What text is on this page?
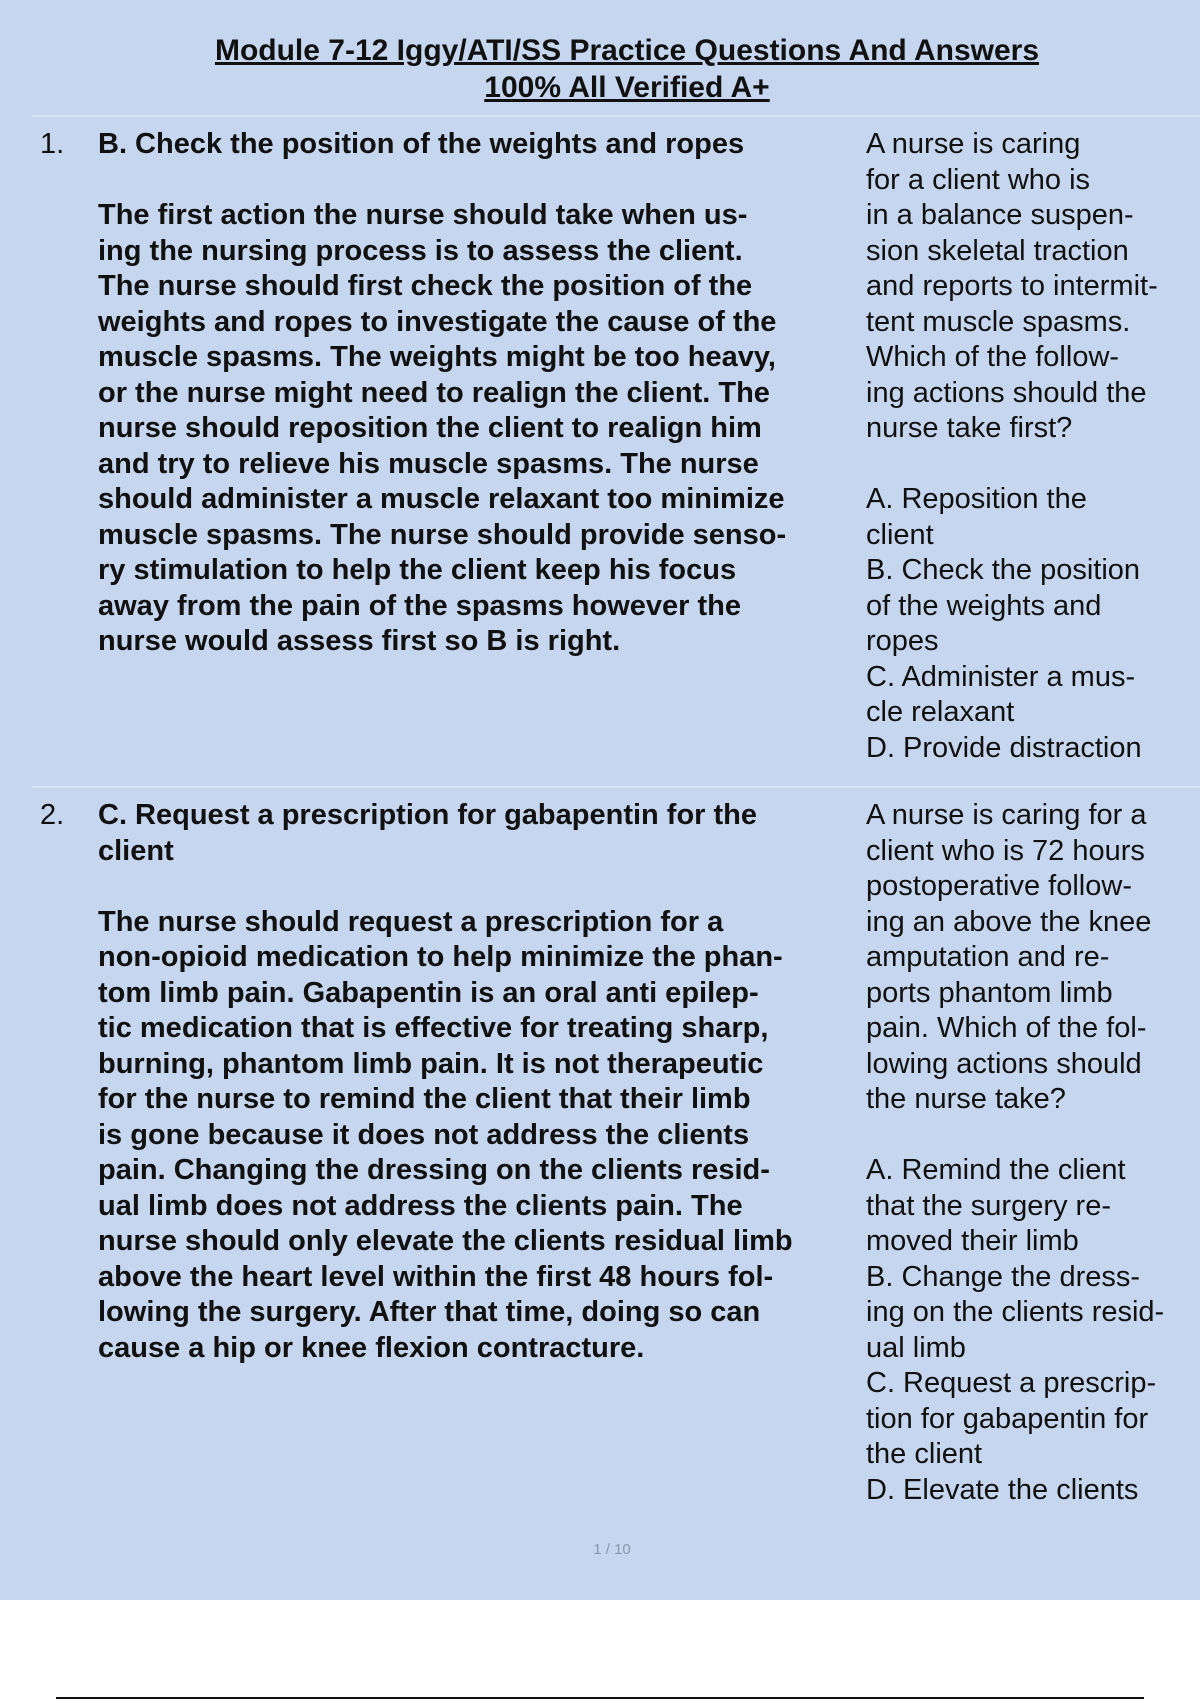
Module 7-12 Iggy/ATI/SS Practice Questions And Answers
100% All Verified A+
1. B. Check the position of the weights and ropes
The first action the nurse should take when us-
ing the nursing process is to assess the client.
The nurse should first check the position of the
weights and ropes to investigate the cause of the
muscle spasms. The weights might be too heavy,
or the nurse might need to realign the client. The
nurse should reposition the client to realign him
and try to relieve his muscle spasms. The nurse
should administer a muscle relaxant too minimize
muscle spasms. The nurse should provide senso-
ry stimulation to help the client keep his focus
away from the pain of the spasms however the
nurse would assess first so B is right.
A nurse is caring
for a client who is
in a balance suspen-
sion skeletal traction
and reports to intermit-
tent muscle spasms.
Which of the follow-
ing actions should the
nurse take first?
A. Reposition the
client
B. Check the position
of the weights and
ropes
C. Administer a mus-
cle relaxant
D. Provide distraction
2. C. Request a prescription for gabapentin for the
client
The nurse should request a prescription for a
non-opioid medication to help minimize the phan-
tom limb pain. Gabapentin is an oral anti epilep-
tic medication that is effective for treating sharp,
burning, phantom limb pain. It is not therapeutic
for the nurse to remind the client that their limb
is gone because it does not address the clients
pain. Changing the dressing on the clients resid-
ual limb does not address the clients pain. The
nurse should only elevate the clients residual limb
above the heart level within the first 48 hours fol-
lowing the surgery. After that time, doing so can
cause a hip or knee flexion contracture.
A nurse is caring for a
client who is 72 hours
postoperative follow-
ing an above the knee
amputation and re-
ports phantom limb
pain. Which of the fol-
lowing actions should
the nurse take?
A. Remind the client
that the surgery re-
moved their limb
B. Change the dress-
ing on the clients resid-
ual limb
C. Request a prescrip-
tion for gabapentin for
the client
D. Elevate the clients
1 / 10
